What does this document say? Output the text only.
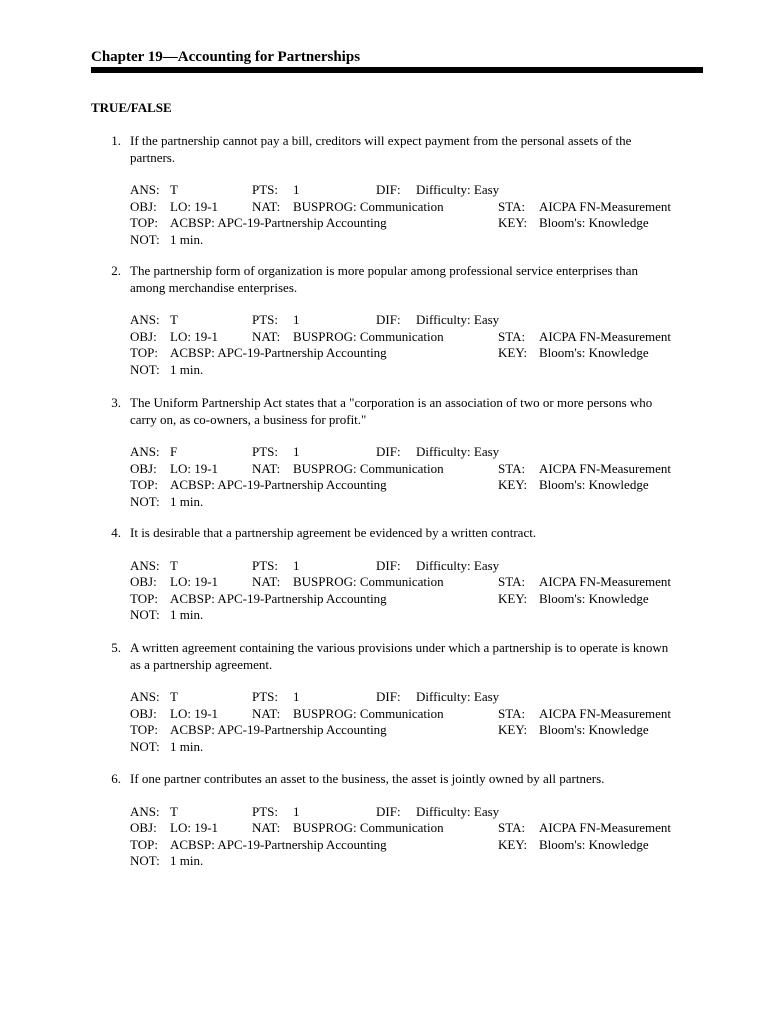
Chapter 19—Accounting for Partnerships
TRUE/FALSE
1. If the partnership cannot pay a bill, creditors will expect payment from the personal assets of the partners.
ANS: T	PTS: 1	DIF: Difficulty: Easy
OBJ: LO: 19-1	NAT: BUSPROG: Communication	STA: AICPA FN-Measurement
TOP: ACBSP: APC-19-Partnership Accounting	KEY: Bloom's: Knowledge
NOT: 1 min.
2. The partnership form of organization is more popular among professional service enterprises than among merchandise enterprises.
ANS: T	PTS: 1	DIF: Difficulty: Easy
OBJ: LO: 19-1	NAT: BUSPROG: Communication	STA: AICPA FN-Measurement
TOP: ACBSP: APC-19-Partnership Accounting	KEY: Bloom's: Knowledge
NOT: 1 min.
3. The Uniform Partnership Act states that a "corporation is an association of two or more persons who carry on, as co-owners, a business for profit."
ANS: F	PTS: 1	DIF: Difficulty: Easy
OBJ: LO: 19-1	NAT: BUSPROG: Communication	STA: AICPA FN-Measurement
TOP: ACBSP: APC-19-Partnership Accounting	KEY: Bloom's: Knowledge
NOT: 1 min.
4. It is desirable that a partnership agreement be evidenced by a written contract.
ANS: T	PTS: 1	DIF: Difficulty: Easy
OBJ: LO: 19-1	NAT: BUSPROG: Communication	STA: AICPA FN-Measurement
TOP: ACBSP: APC-19-Partnership Accounting	KEY: Bloom's: Knowledge
NOT: 1 min.
5. A written agreement containing the various provisions under which a partnership is to operate is known as a partnership agreement.
ANS: T	PTS: 1	DIF: Difficulty: Easy
OBJ: LO: 19-1	NAT: BUSPROG: Communication	STA: AICPA FN-Measurement
TOP: ACBSP: APC-19-Partnership Accounting	KEY: Bloom's: Knowledge
NOT: 1 min.
6. If one partner contributes an asset to the business, the asset is jointly owned by all partners.
ANS: T	PTS: 1	DIF: Difficulty: Easy
OBJ: LO: 19-1	NAT: BUSPROG: Communication	STA: AICPA FN-Measurement
TOP: ACBSP: APC-19-Partnership Accounting	KEY: Bloom's: Knowledge
NOT: 1 min.
